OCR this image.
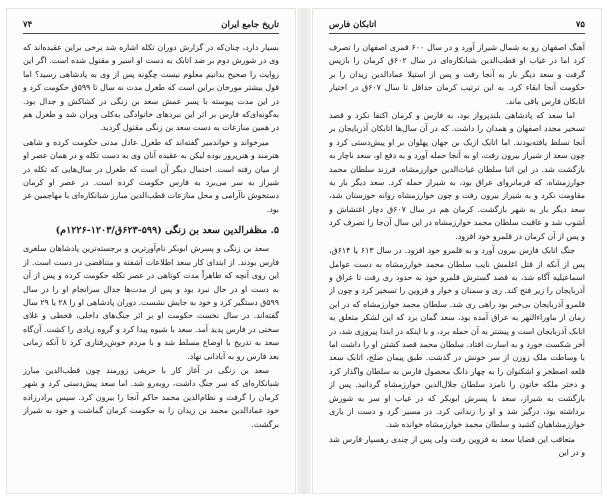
تاریخ جامع ایران
۷۴

بسیار دارد، چنان‌که در گزارش دوران تکله اشاره شد برخی براین عقیده‌اند که وی در شورش دوم بر ضد اتابک به دست او اسیر و مقتول شده است. اگر این روایت را صحیح بدانیم معلوم نیست چگونه پس از وی به پادشاهی رسید؟ اما قول بیشتر مورخان براین است که طغرل مدت نه سال تا ۵۹۹ق حکومت کرد و در این مدت پیوسته با پسر عمش سعد بن زنگی در کشاکش و جدال بود. به‌گونه‌ای‌که فارس بر اثر این نبردهای خانوادگی به‌کلی ویران شد و طغرل هم در همین منازعات به دست سعد بن زنگی مقتول گردید.

میرخواند و خواندمیر گفته‌اند که طغرل عادل مدتی حکومت کرده و شاهی هنرمند و هنرپرور بوده لیکن به عقیده آنان وی به دست تکله و در همان عصر او از میان رفته است. احتمال دیگر آن است که طغرل در سال‌هایی که تکله در شیراز به سر می‌برد به فارس حکومت کرده است. در عصر او کرمان دستخوش ناآرامی و محل منازعات قطب‌الدین مبارز شبانکاره‌ای با مهاجمین غز بود.

۵. مظفرالدین سعد بن زنگی (۵۹۹-۶۲۳ق/۱۲۰۳-۱۲۲۶م)

سعد بن زنگی و پسرش ابوبکر نام‌آورترین و برجسته‌ترین پادشاهان سلغری فارس بودند. از ابتدای کار سعد اطلاعات آشفته و متناقضی در دست است. از این روی آنچه که ظاهراً مدت کوتاهی در عصر تکله حکومت کرده و پس از آن به دست او در حال نبرد بود و پس از مدت‌ها جدال سرانجام او را در سال ۵۹۹ق دستگیر کرد و خود به جایش نشست. دوران پادشاهی او را ۲۸ یا ۲۹ سال گفته‌اند. در سال نخست حکومت او بر اثر جنگ‌های داخلی، قحطی و غلای سختی در فارس پدید آمد. سعد با شیوه پیدا کرد و گروه زیادی را کشت. آن‌گاه سعد به تدریج با اوضاع مسلط شد و با مردم خوش‌رفتاری کرد تا آنکه زمانی بعد فارس رو به آبادانی نهاد.

سعد بن زنگی در آغاز کار با حریفی زورمند چون قطب‌الدین مبارز شبانکاره‌ای که سر جنگ داشت، روبه‌رو شد. اما سعد پیش‌دستی کرد و شهر کرمان را گرفت و نظام‌الدین محمد حاکم آنجا را بیرون کرد. سپس برادرزاده خود عمادالدین محمد بن زیدان را به حکومت کرمان گماشت و خود به شیراز برگشت.

اتابکان فارس	۷۵

آهنگ اصفهان رو به شمال شیراز آورد و در سال ۶۰۰ قمری اصفهان را تصرف کرد اما در غیاب او قطب‌الدین شبانکاره‌ای در سال ۶۰۲ق کرمان را بازپس گرفت و سعد دیگر بار به آنجا رفت و پس از استیلا عمادالدین زیدان را بر حکومت آنجا ابقاء کرد. به این ترتیب کرمان حداقل تا سال ۶۰۷ق در اختیار اتابکان فارس باقی ماند.

اما سعد که پادشاهی بلندپرواز بود، به فارس و کرمان اکتفا نکرد و قصد تسخیر مجدد اصفهان و همدان را داشت. که در آن سال‌ها اتابکان آذربایجان بر آنجا تسلط یافته‌بودند. اما اتابک ازبک بن جهان پهلوان بر او پیش‌دستی کرد و چون سعد از شیراز بیرون رفت، او به آنجا حمله آورد و به دفع او، سعد ناچار به بازگشت شد. در این اثنا سلطان غیاث‌الدین خوارزمشاه، فرزند سلطان محمد خوارزمشاه، که فرمانروای عراق بود، به شیراز حمله کرد. سعد دیگر بار به مقاومت نکرد و به شیراز بیرون رفت و چون خوارزمشاه روانه خوزستان شد، سعد دیگر بار به شهر بازگشت. کرمان هم در سال ۶۰۷ق دچار اغتشاش و آشوب شد و عاقبت سلطان محمد خوارزمشاه در این سال آن‌جا را تصرف کرد و پس از آن کرمان در قلمرو خود افزود.

جنگ اتابک فارس بیرون آورد و به قلمرو خود افزود. در سال ۶۱۳ یا ۶۱۴ق، پس از آنکه از قتل اغلمش نایب سلطان محمد خوارزمشاه به دست عوامل اسماعیلیه آگاه شد، به قصد گسترش قلمرو خود به حدود ری رفت تا عراق و آذربایجان را زیر فتح کند. ری و سمنان و خوار و قزوین را تسخیر کرد و چون از قلمرو آذربایجان بی‌خبر بود راهی ری شد. سلطان محمد خوارزمشاه که در این زمان از ماوراءالنهر به عراق آمده بود، سعد گمان برد که این لشکر متعلق به اتابک آذربایجان است و پیشتر به آن حمله برد، و با اینکه در ابتدا پیروزی شد، در آخر شکست خورد و به اسارت افتاد. سلطان محمد قصد کشتن او را داشت اما با وساطت ملک زوزن از سر خونش در گذشت. طبق پیمان صلح، اتابک سعد قلعه اصطخر و اشکنوان را به چهار دانگ محصول فارس به سلطان واگذار کرد و دختر ملکه خاتون را نامزد سلطان جلال‌الدین خوارزمشاه گردانید. پس از بازگشت به شیراز، سعد با پسرش ابوبکر که در غیاب او سر به شورش برداشته بود، درگیر شد و او را زندانی کرد. در مسیر گرد و دست از یاری خوارزمشاهیان کشید و سلطان محمد خوارزمشاه خوانده شد.

متعاقب این قضایا سعد به قزوین رفت ولی پس از چندی رهسپار فارس شد و در این
